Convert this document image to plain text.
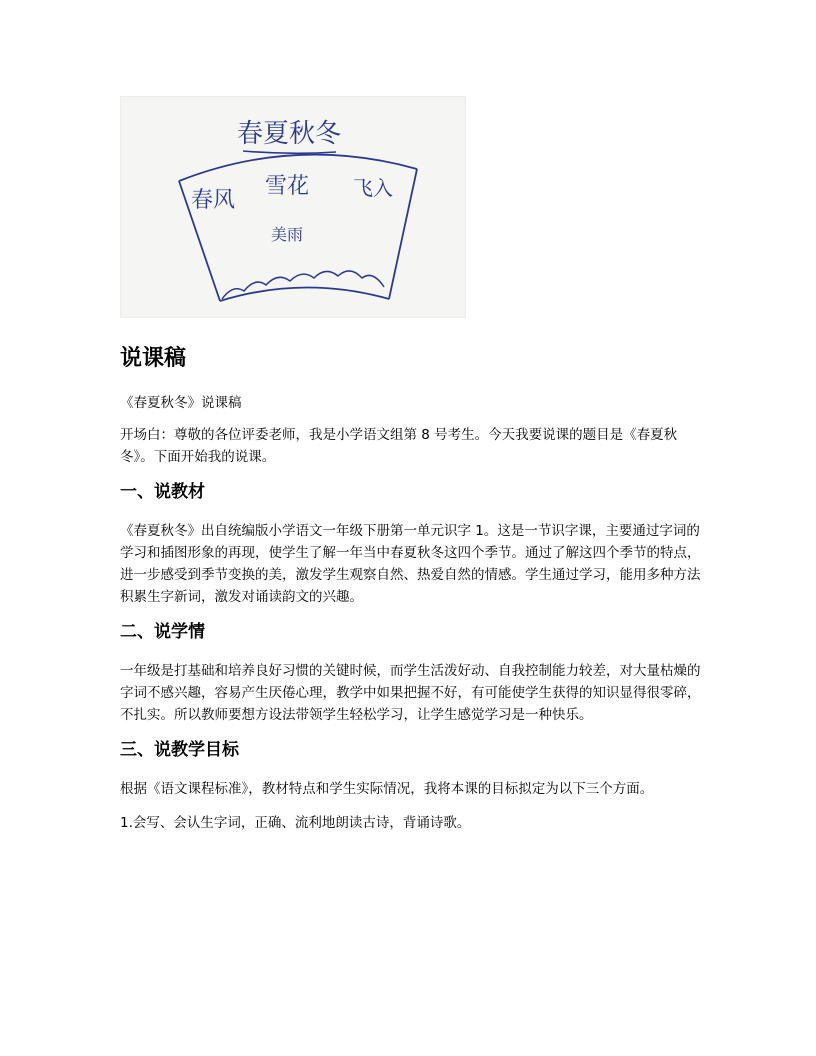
春夏秋冬
春风
雪花 飞入
美雨
说课稿

《春夏秋冬》说课稿

开场白：尊敬的各位评委老师，我是小学语文组第 8 号考生。今天我要说课的题目是《春夏秋冬》。下面开始我的说课。

一、说教材

《春夏秋冬》出自统编版小学语文一年级下册第一单元识字 1。这是一节识字课，主要通过字词的学习和插图形象的再现，使学生了解一年当中春夏秋冬这四个季节。通过了解这四个季节的特点，进一步感受到季节变换的美，激发学生观察自然、热爱自然的情感。学生通过学习，能用多种方法积累生字新词，激发对诵读韵文的兴趣。

二、说学情

一年级是打基础和培养良好习惯的关键时候，而学生活泼好动、自我控制能力较差，对大量枯燥的字词不感兴趣，容易产生厌倦心理，教学中如果把握不好，有可能使学生获得的知识显得很零碎，不扎实。所以教师要想方设法带领学生轻松学习，让学生感觉学习是一种快乐。

三、说教学目标

根据《语文课程标准》，教材特点和学生实际情况，我将本课的目标拟定为以下三个方面。

1.会写、会认生字词，正确、流利地朗读古诗，背诵诗歌。
